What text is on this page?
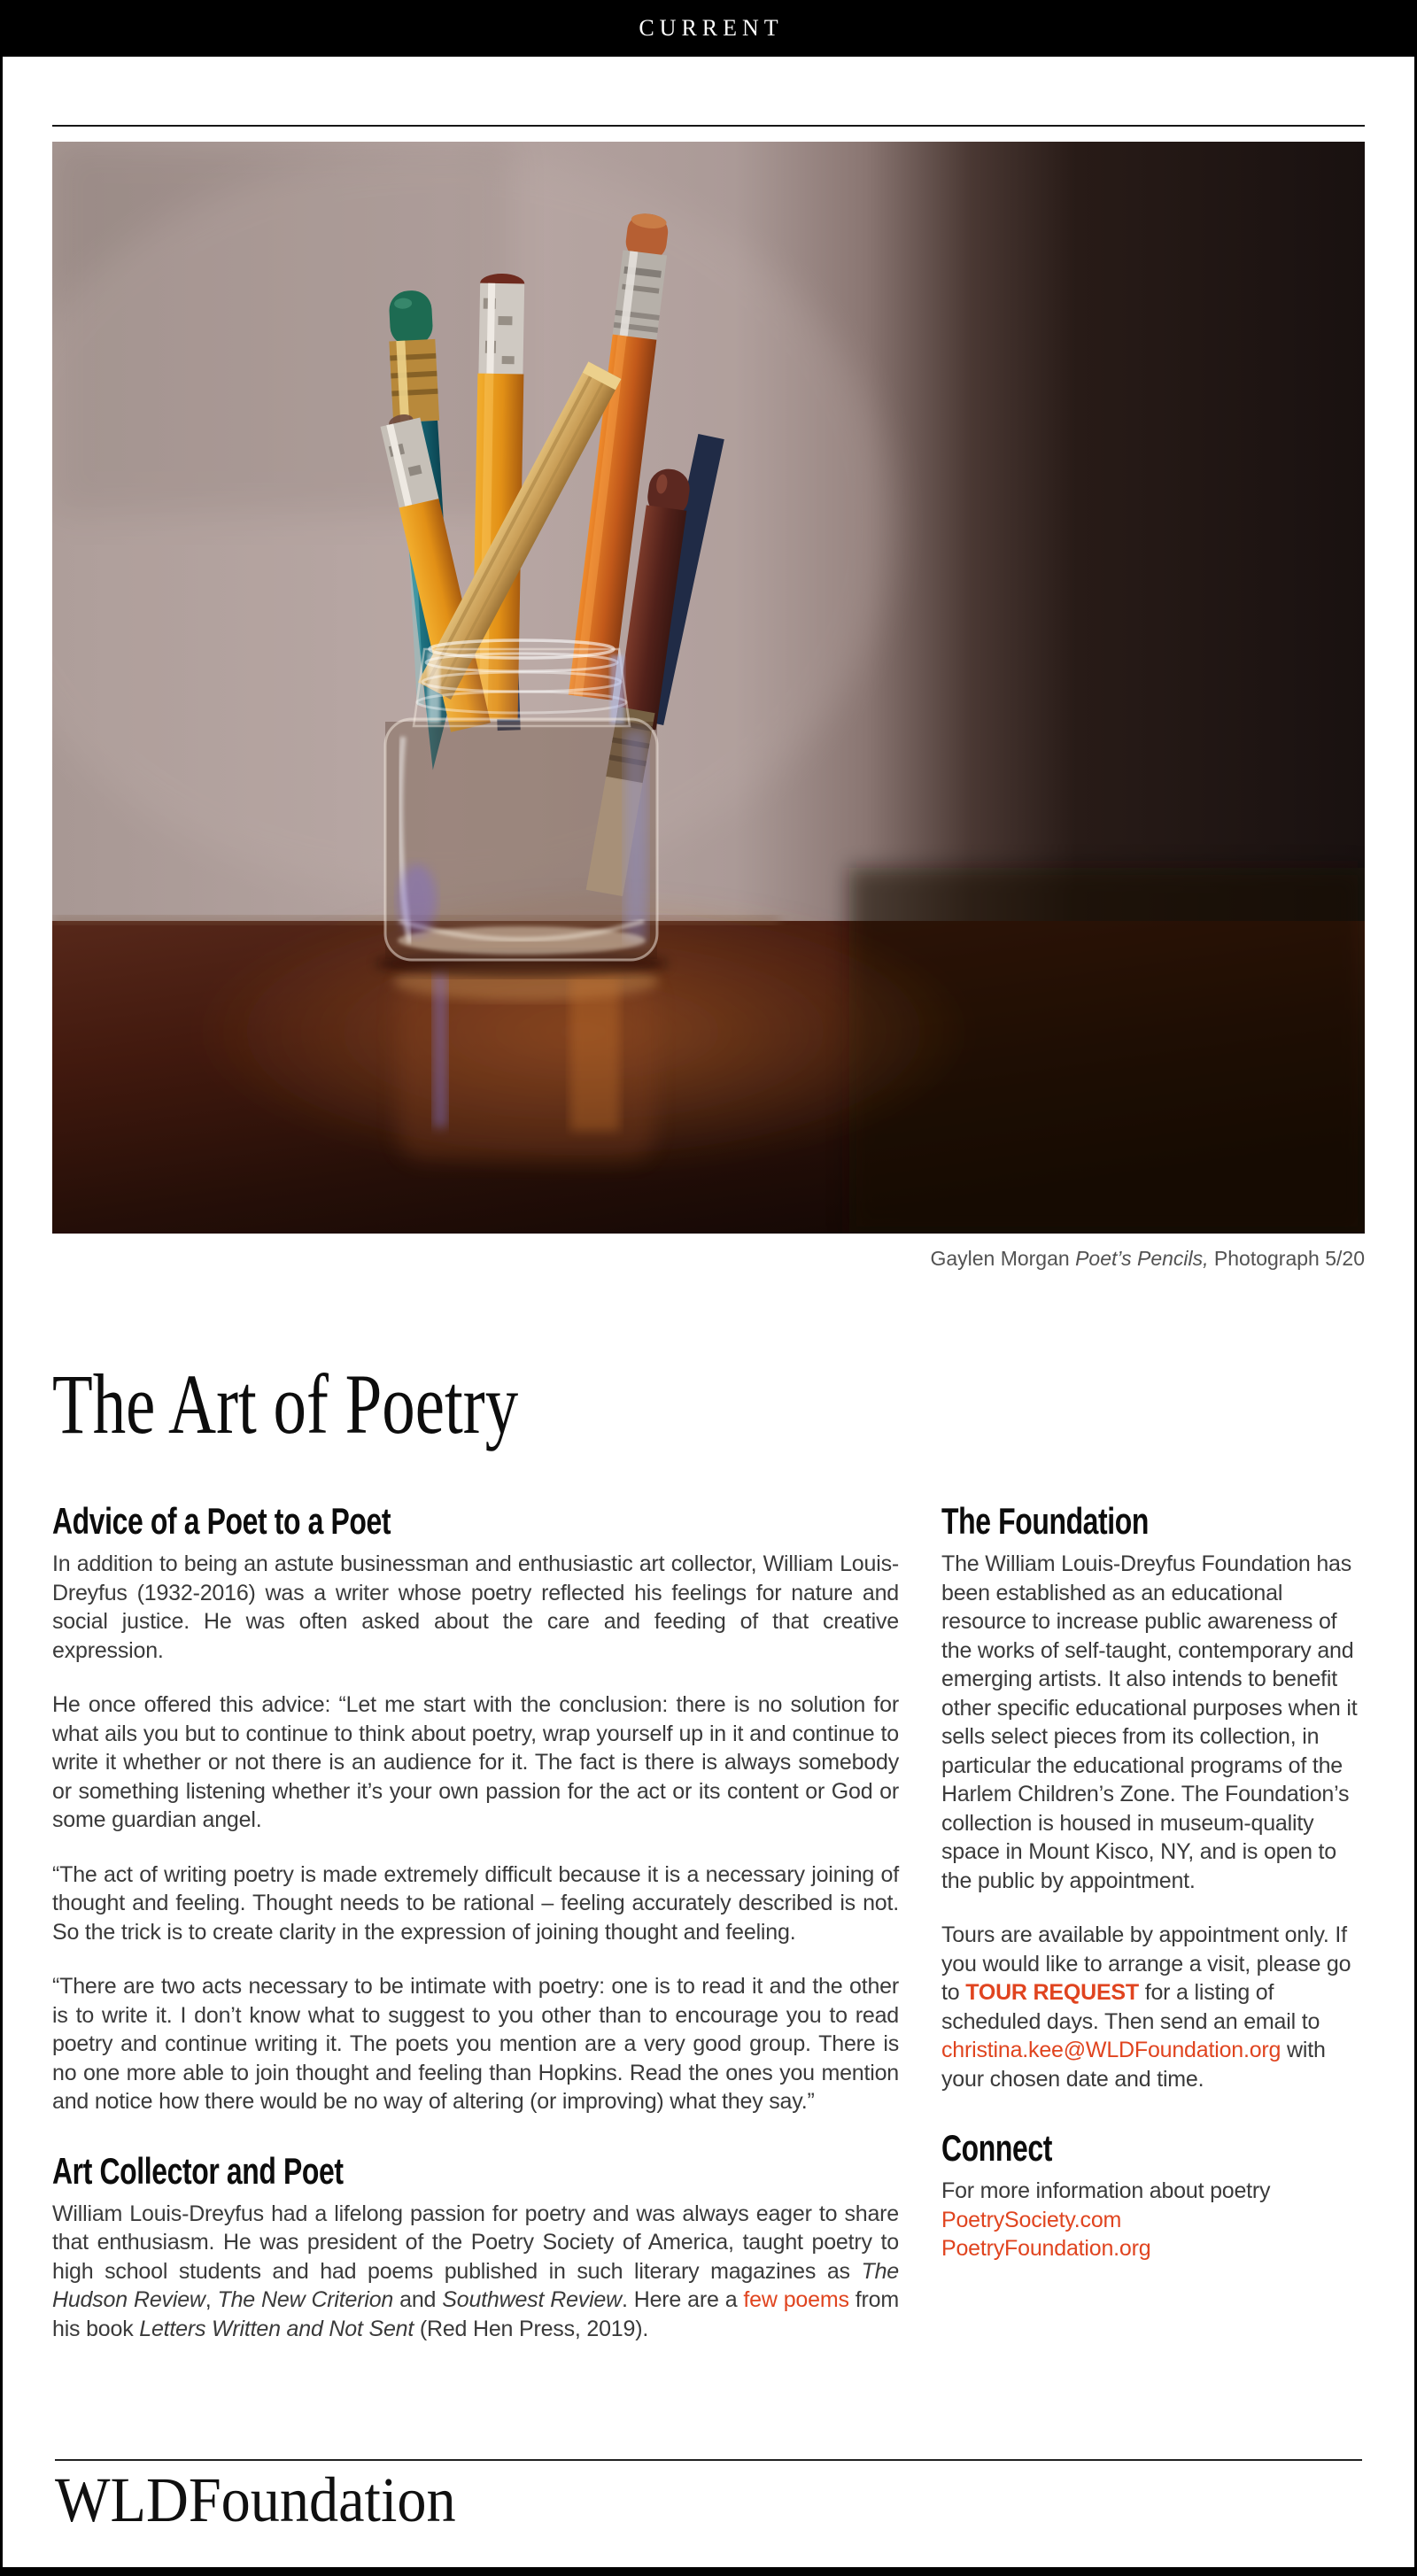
CURRENT
Gaylen Morgan Poet’s Pencils, Photograph 5/20
The Art of Poetry
Advice of a Poet to a Poet

In addition to being an astute businessman and enthusiastic art collector, William Louis-Dreyfus (1932-2016) was a writer whose poetry reflected his feelings for nature and social justice. He was often asked about the care and feeding of that creative expression.

He once offered this advice: “Let me start with the conclusion: there is no solution for what ails you but to continue to think about poetry, wrap yourself up in it and continue to write it whether or not there is an audience for it. The fact is there is always somebody or something listening whether it’s your own passion for the act or its content or God or some guardian angel.

“The act of writing poetry is made extremely difficult because it is a necessary joining of thought and feeling. Thought needs to be rational – feeling accurately described is not. So the trick is to create clarity in the expression of joining thought and feeling.

“There are two acts necessary to be intimate with poetry: one is to read it and the other is to write it. I don’t know what to suggest to you other than to encourage you to read poetry and continue writing it. The poets you mention are a very good group. There is no one more able to join thought and feeling than Hopkins. Read the ones you mention and notice how there would be no way of altering (or improving) what they say.”

Art Collector and Poet

William Louis-Dreyfus had a lifelong passion for poetry and was always eager to share that enthusiasm. He was president of the Poetry Society of America, taught poetry to high school students and had poems published in such literary magazines as The Hudson Review, The New Criterion and Southwest Review. Here are a few poems from his book Letters Written and Not Sent (Red Hen Press, 2019).

The Foundation

The William Louis-Dreyfus Foundation has been established as an educational resource to increase public awareness of the works of self-taught, contemporary and emerging artists. It also intends to benefit other specific educational purposes when it sells select pieces from its collection, in particular the educational programs of the Harlem Children’s Zone. The Foundation’s collection is housed in museum-quality space in Mount Kisco, NY, and is open to the public by appointment.

Tours are available by appointment only. If you would like to arrange a visit, please go to TOUR REQUEST for a listing of scheduled days. Then send an email to christina.kee@WLDFoundation.org with your chosen date and time.

Connect

For more information about poetry

PoetrySociety.com
PoetryFoundation.org
WLDFoundation
